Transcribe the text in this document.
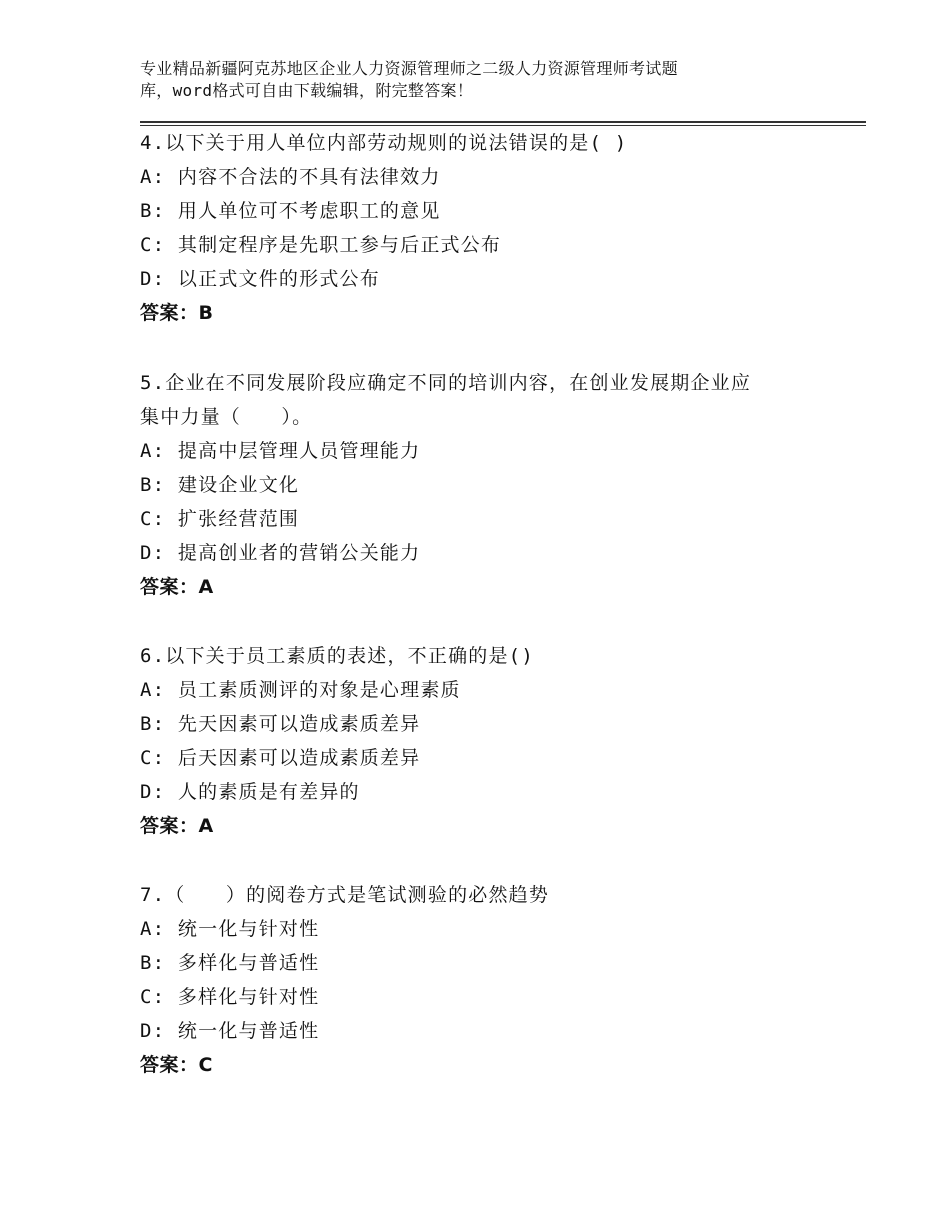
专业精品新疆阿克苏地区企业人力资源管理师之二级人力资源管理师考试题
库，word格式可自由下载编辑，附完整答案！
4.以下关于用人单位内部劳动规则的说法错误的是( )
A: 内容不合法的不具有法律效力
B: 用人单位可不考虑职工的意见
C: 其制定程序是先职工参与后正式公布
D: 以正式文件的形式公布
答案：B
5.企业在不同发展阶段应确定不同的培训内容，在创业发展期企业应
集中力量（　　）。
A: 提高中层管理人员管理能力
B: 建设企业文化
C: 扩张经营范围
D: 提高创业者的营销公关能力
答案：A
6.以下关于员工素质的表述，不正确的是()
A: 员工素质测评的对象是心理素质
B: 先天因素可以造成素质差异
C: 后天因素可以造成素质差异
D: 人的素质是有差异的
答案：A
7.（　　）的阅卷方式是笔试测验的必然趋势
A: 统一化与针对性
B: 多样化与普适性
C: 多样化与针对性
D: 统一化与普适性
答案：C
